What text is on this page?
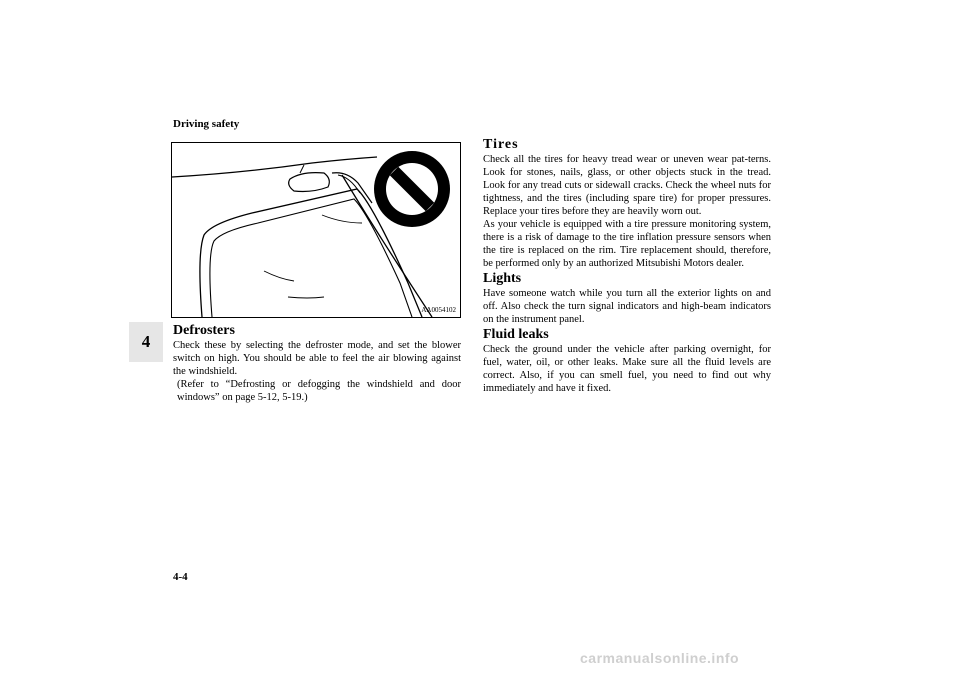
Driving safety
4
AA0054102
Defrosters

Check these by selecting the defroster mode, and set the blower switch on high. You should be able to feel the air blowing against the windshield.

(Refer to “Defrosting or defogging the windshield and door windows” on page 5-12, 5-19.)

Tires

Check all the tires for heavy tread wear or uneven wear pat-terns. Look for stones, nails, glass, or other objects stuck in the tread. Look for any tread cuts or sidewall cracks. Check the wheel nuts for tightness, and the tires (including spare tire) for proper pressures. Replace your tires before they are heavily worn out.

As your vehicle is equipped with a tire pressure monitoring system, there is a risk of damage to the tire inflation pressure sensors when the tire is replaced on the rim. Tire replacement should, therefore, be performed only by an authorized Mitsubishi Motors dealer.

Lights

Have someone watch while you turn all the exterior lights on and off. Also check the turn signal indicators and high-beam indicators on the instrument panel.

Fluid leaks

Check the ground under the vehicle after parking overnight, for fuel, water, oil, or other leaks. Make sure all the fluid levels are correct. Also, if you can smell fuel, you need to find out why immediately and have it fixed.

4-4
carmanualsonline.info
